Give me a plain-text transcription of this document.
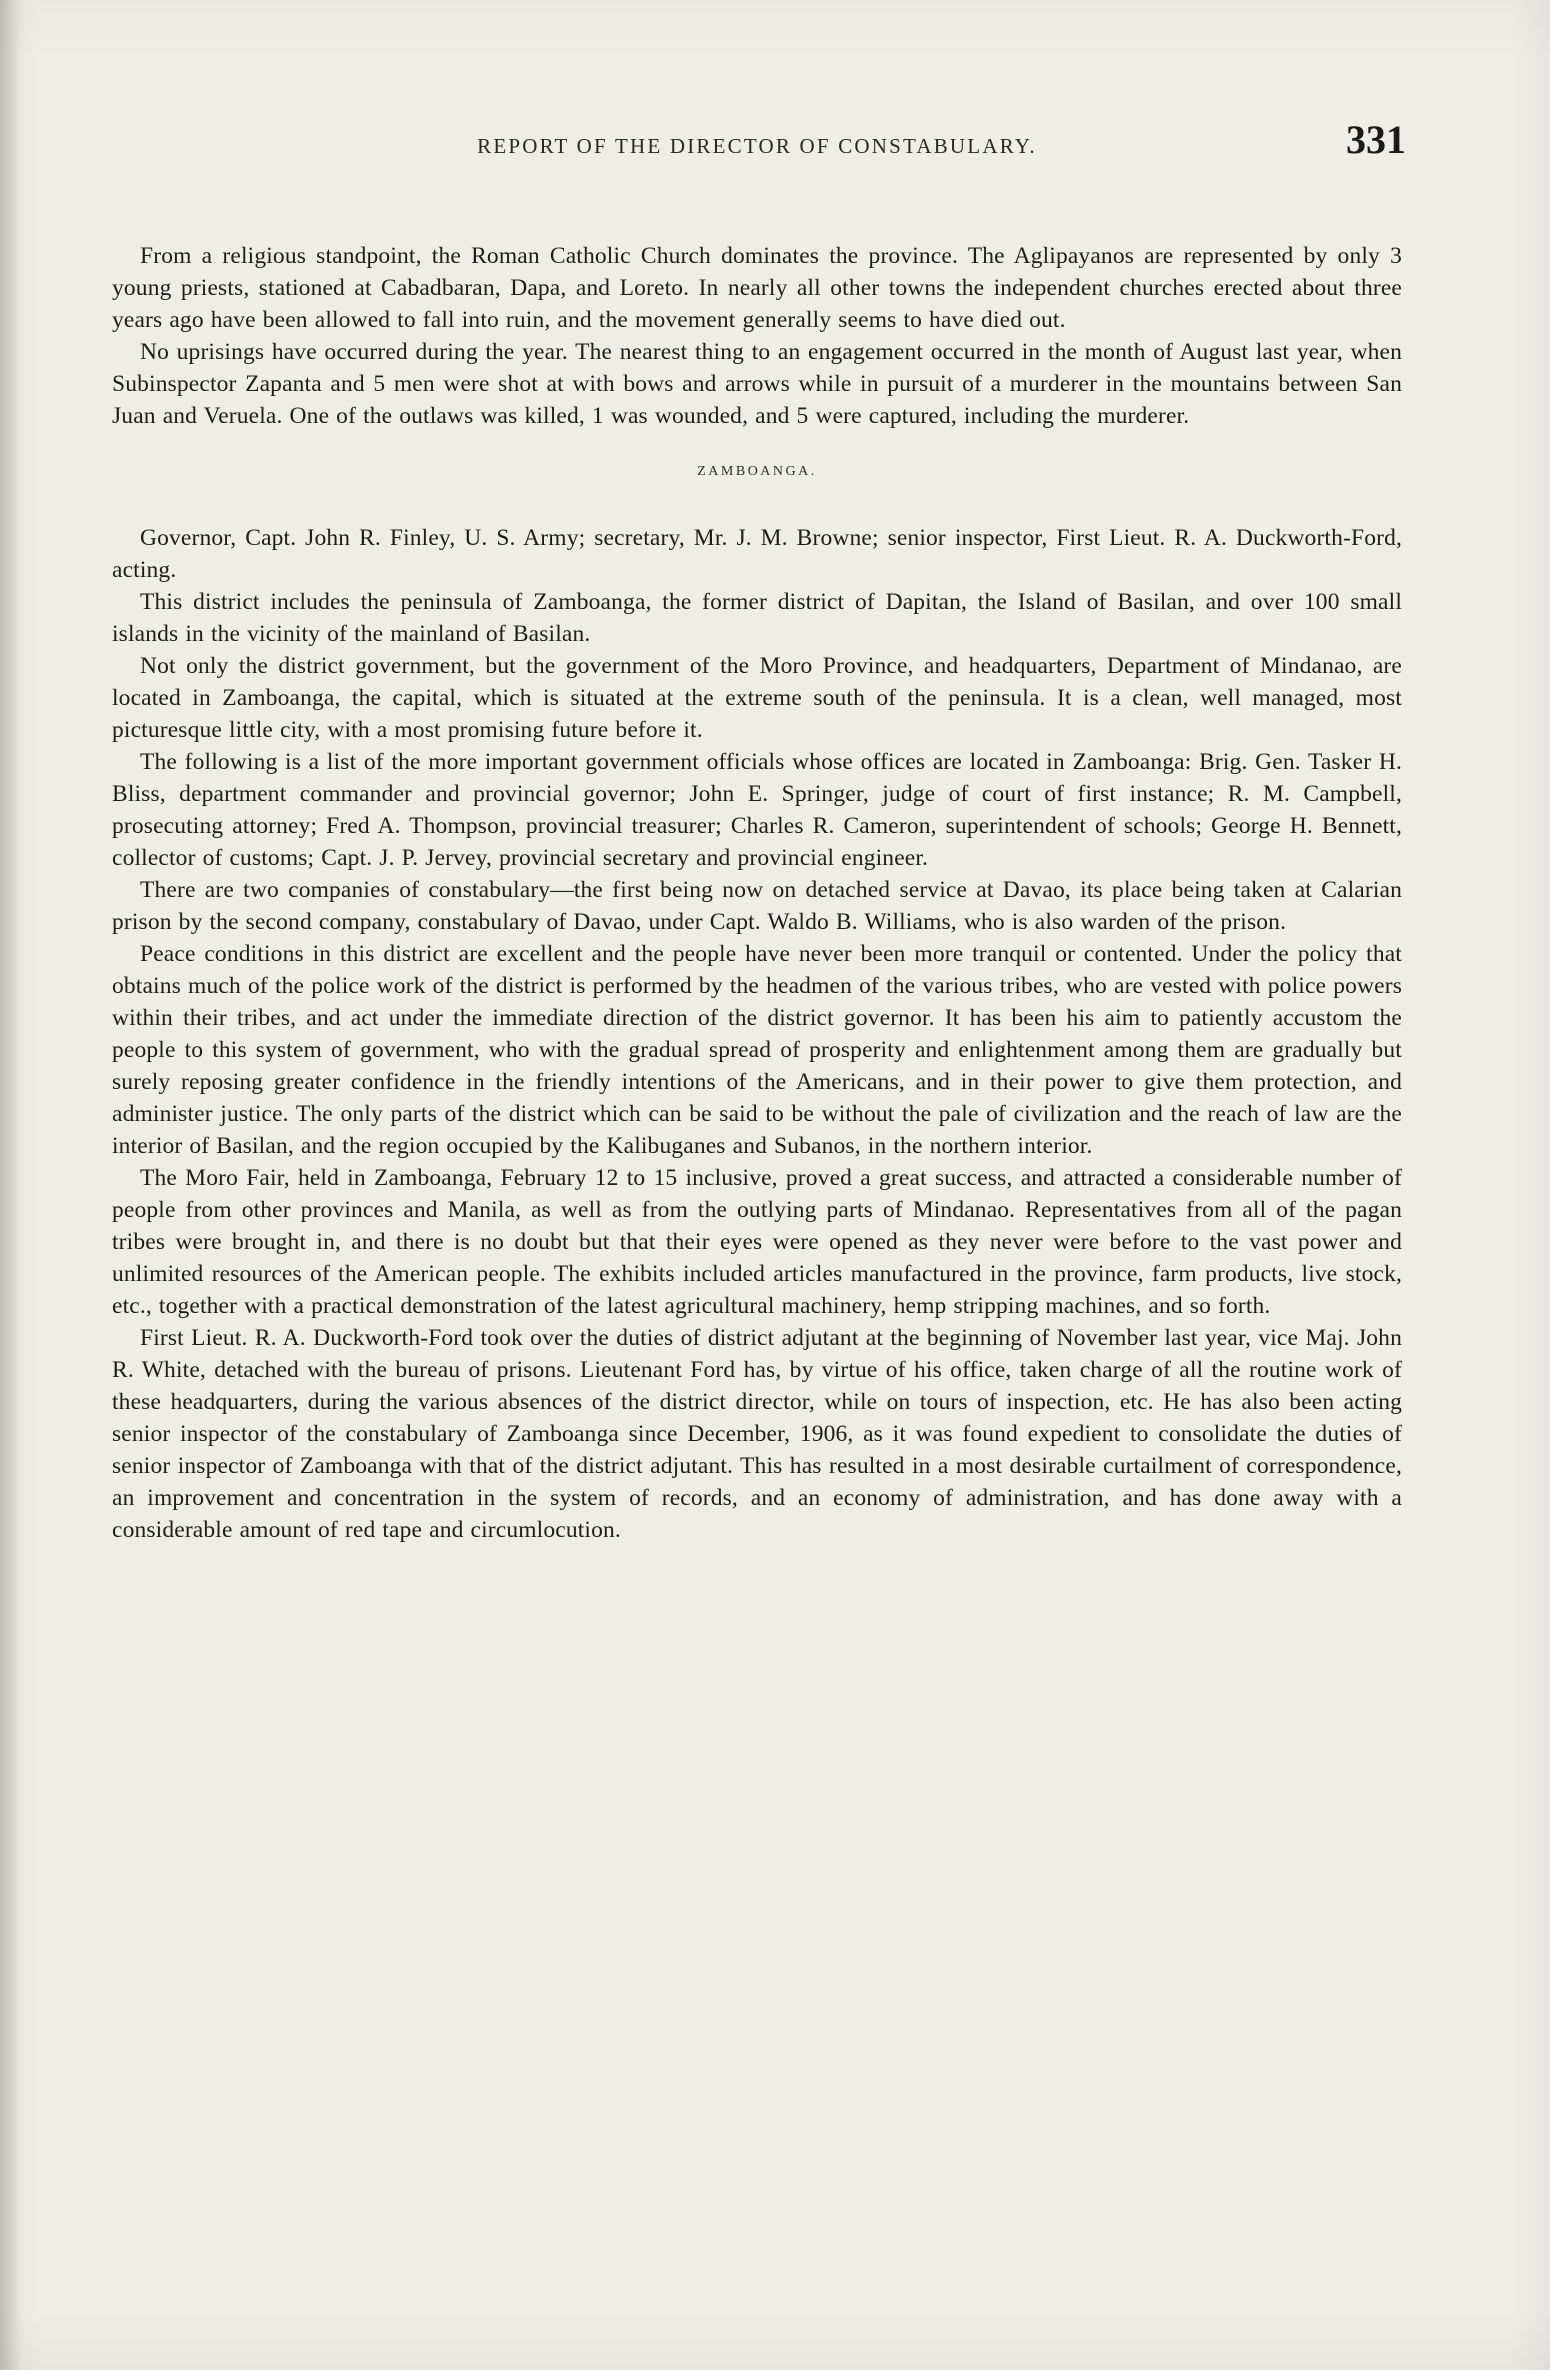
REPORT OF THE DIRECTOR OF CONSTABULARY.	331

From a religious standpoint, the Roman Catholic Church dominates the province. The Aglipayanos are represented by only 3 young priests, stationed at Cabadbaran, Dapa, and Loreto. In nearly all other towns the independent churches erected about three years ago have been allowed to fall into ruin, and the movement generally seems to have died out.

No uprisings have occurred during the year. The nearest thing to an engagement occurred in the month of August last year, when Subinspector Zapanta and 5 men were shot at with bows and arrows while in pursuit of a murderer in the mountains between San Juan and Veruela. One of the outlaws was killed, 1 was wounded, and 5 were captured, including the murderer.

ZAMBOANGA.

Governor, Capt. John R. Finley, U. S. Army; secretary, Mr. J. M. Browne; senior inspector, First Lieut. R. A. Duckworth-Ford, acting.

This district includes the peninsula of Zamboanga, the former district of Dapitan, the Island of Basilan, and over 100 small islands in the vicinity of the mainland of Basilan.

Not only the district government, but the government of the Moro Province, and headquarters, Department of Mindanao, are located in Zamboanga, the capital, which is situated at the extreme south of the peninsula. It is a clean, well managed, most picturesque little city, with a most promising future before it.

The following is a list of the more important government officials whose offices are located in Zamboanga: Brig. Gen. Tasker H. Bliss, department commander and provincial governor; John E. Springer, judge of court of first instance; R. M. Campbell, prosecuting attorney; Fred A. Thompson, provincial treasurer; Charles R. Cameron, superintendent of schools; George H. Bennett, collector of customs; Capt. J. P. Jervey, provincial secretary and provincial engineer.

There are two companies of constabulary—the first being now on detached service at Davao, its place being taken at Calarian prison by the second company, constabulary of Davao, under Capt. Waldo B. Williams, who is also warden of the prison.

Peace conditions in this district are excellent and the people have never been more tranquil or contented. Under the policy that obtains much of the police work of the district is performed by the headmen of the various tribes, who are vested with police powers within their tribes, and act under the immediate direction of the district governor. It has been his aim to patiently accustom the people to this system of government, who with the gradual spread of prosperity and enlightenment among them are gradually but surely reposing greater confidence in the friendly intentions of the Americans, and in their power to give them protection, and administer justice. The only parts of the district which can be said to be without the pale of civilization and the reach of law are the interior of Basilan, and the region occupied by the Kalibuganes and Subanos, in the northern interior.

The Moro Fair, held in Zamboanga, February 12 to 15 inclusive, proved a great success, and attracted a considerable number of people from other provinces and Manila, as well as from the outlying parts of Mindanao. Representatives from all of the pagan tribes were brought in, and there is no doubt but that their eyes were opened as they never were before to the vast power and unlimited resources of the American people. The exhibits included articles manufactured in the province, farm products, live stock, etc., together with a practical demonstration of the latest agricultural machinery, hemp stripping machines, and so forth.

First Lieut. R. A. Duckworth-Ford took over the duties of district adjutant at the beginning of November last year, vice Maj. John R. White, detached with the bureau of prisons. Lieutenant Ford has, by virtue of his office, taken charge of all the routine work of these headquarters, during the various absences of the district director, while on tours of inspection, etc. He has also been acting senior inspector of the constabulary of Zamboanga since December, 1906, as it was found expedient to consolidate the duties of senior inspector of Zamboanga with that of the district adjutant. This has resulted in a most desirable curtailment of correspondence, an improvement and concentration in the system of records, and an economy of administration, and has done away with a considerable amount of red tape and circumlocution.
